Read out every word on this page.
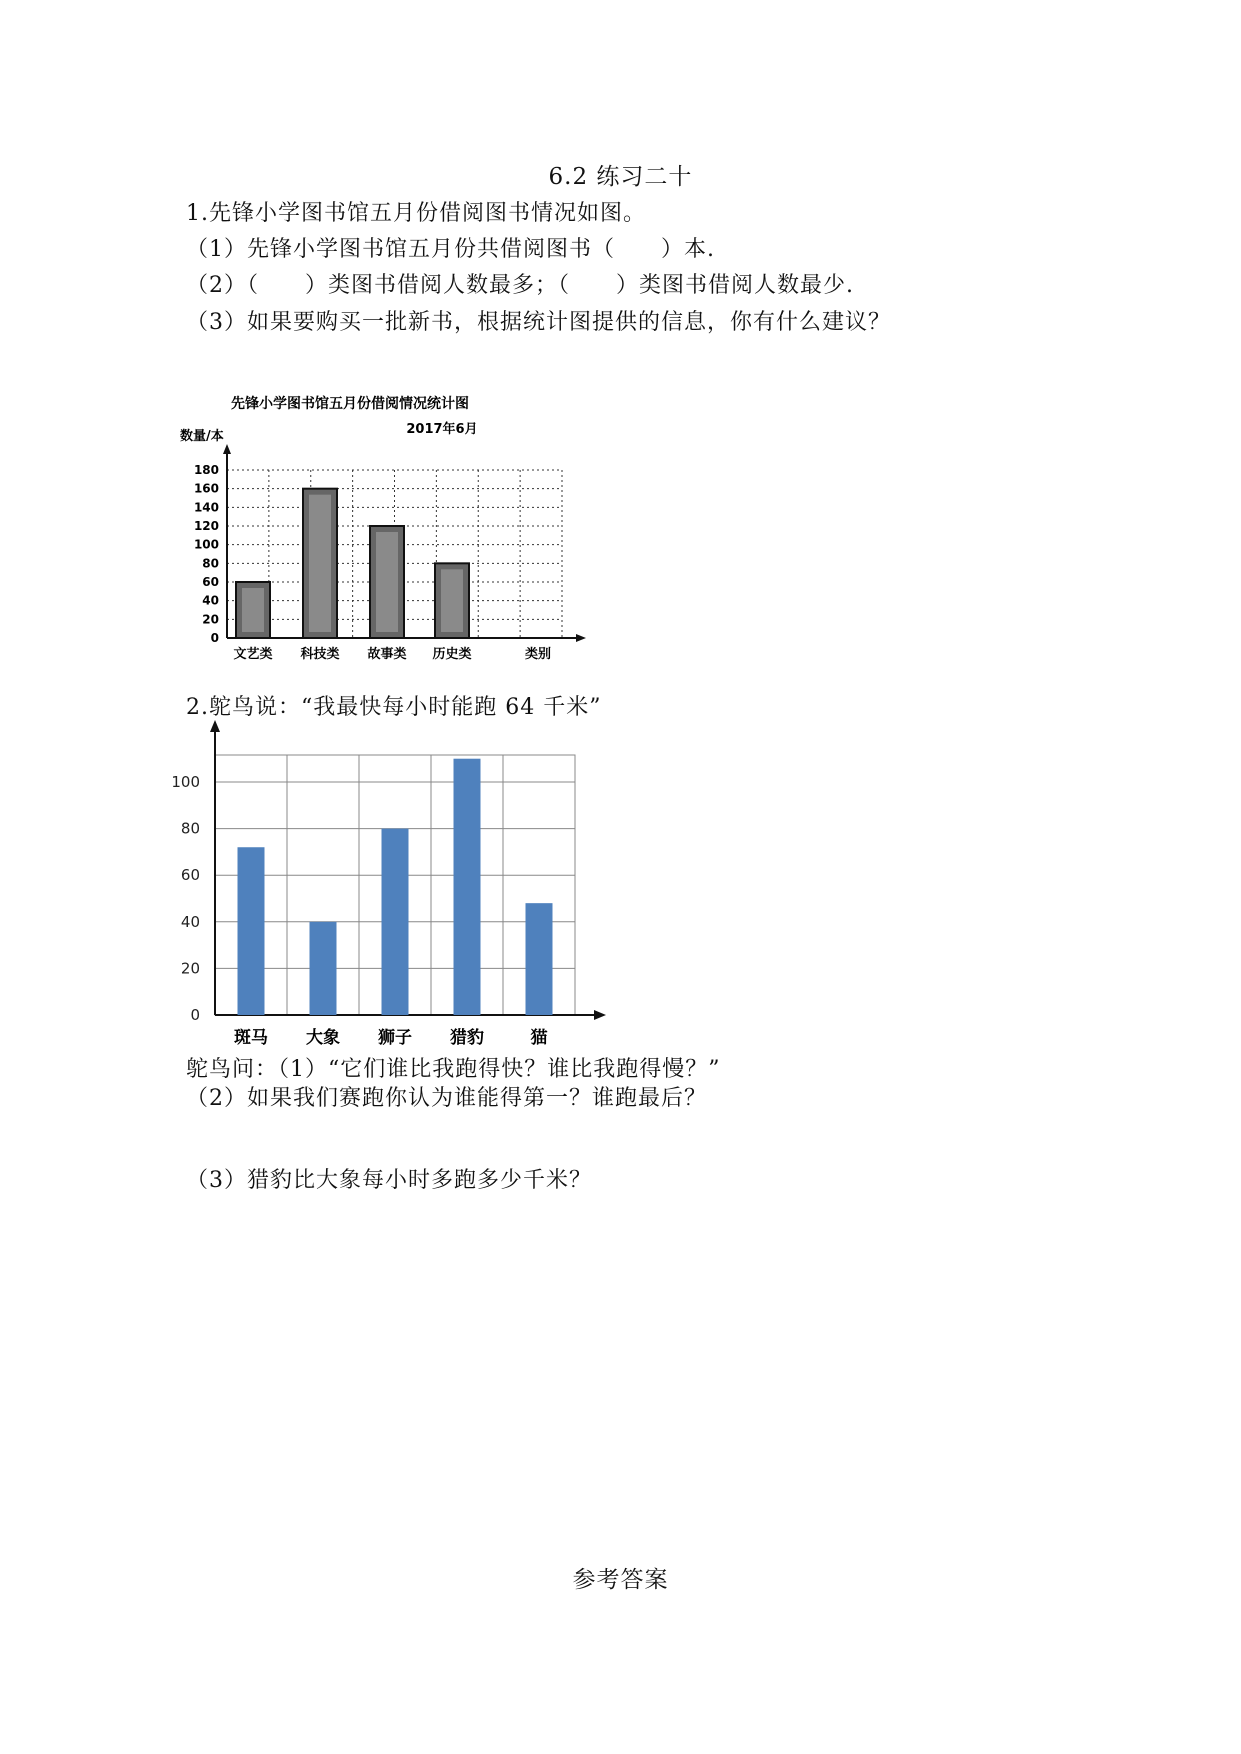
6.2 练习二十
1.先锋小学图书馆五月份借阅图书情况如图。
（1）先锋小学图书馆五月份共借阅图书（　　）本.
（2）（　　）类图书借阅人数最多；（　　）类图书借阅人数最少.
（3）如果要购买一批新书，根据统计图提供的信息，你有什么建议？
0
20
40
60
80
100
120
140
160
180
文艺类 科技类 故事类 历史类
先锋小学图书馆五月份借阅情况统计图
2017年6月
数量/本
类别
2.鸵鸟说：“我最快每小时能跑 64 千米”
0
20
40
60
80
100
斑马 大象 狮子 猎豹	猫
鸵鸟问：（1）“它们谁比我跑得快？谁比我跑得慢？”
（2）如果我们赛跑你认为谁能得第一？谁跑最后？
（3）猎豹比大象每小时多跑多少千米？
参考答案
